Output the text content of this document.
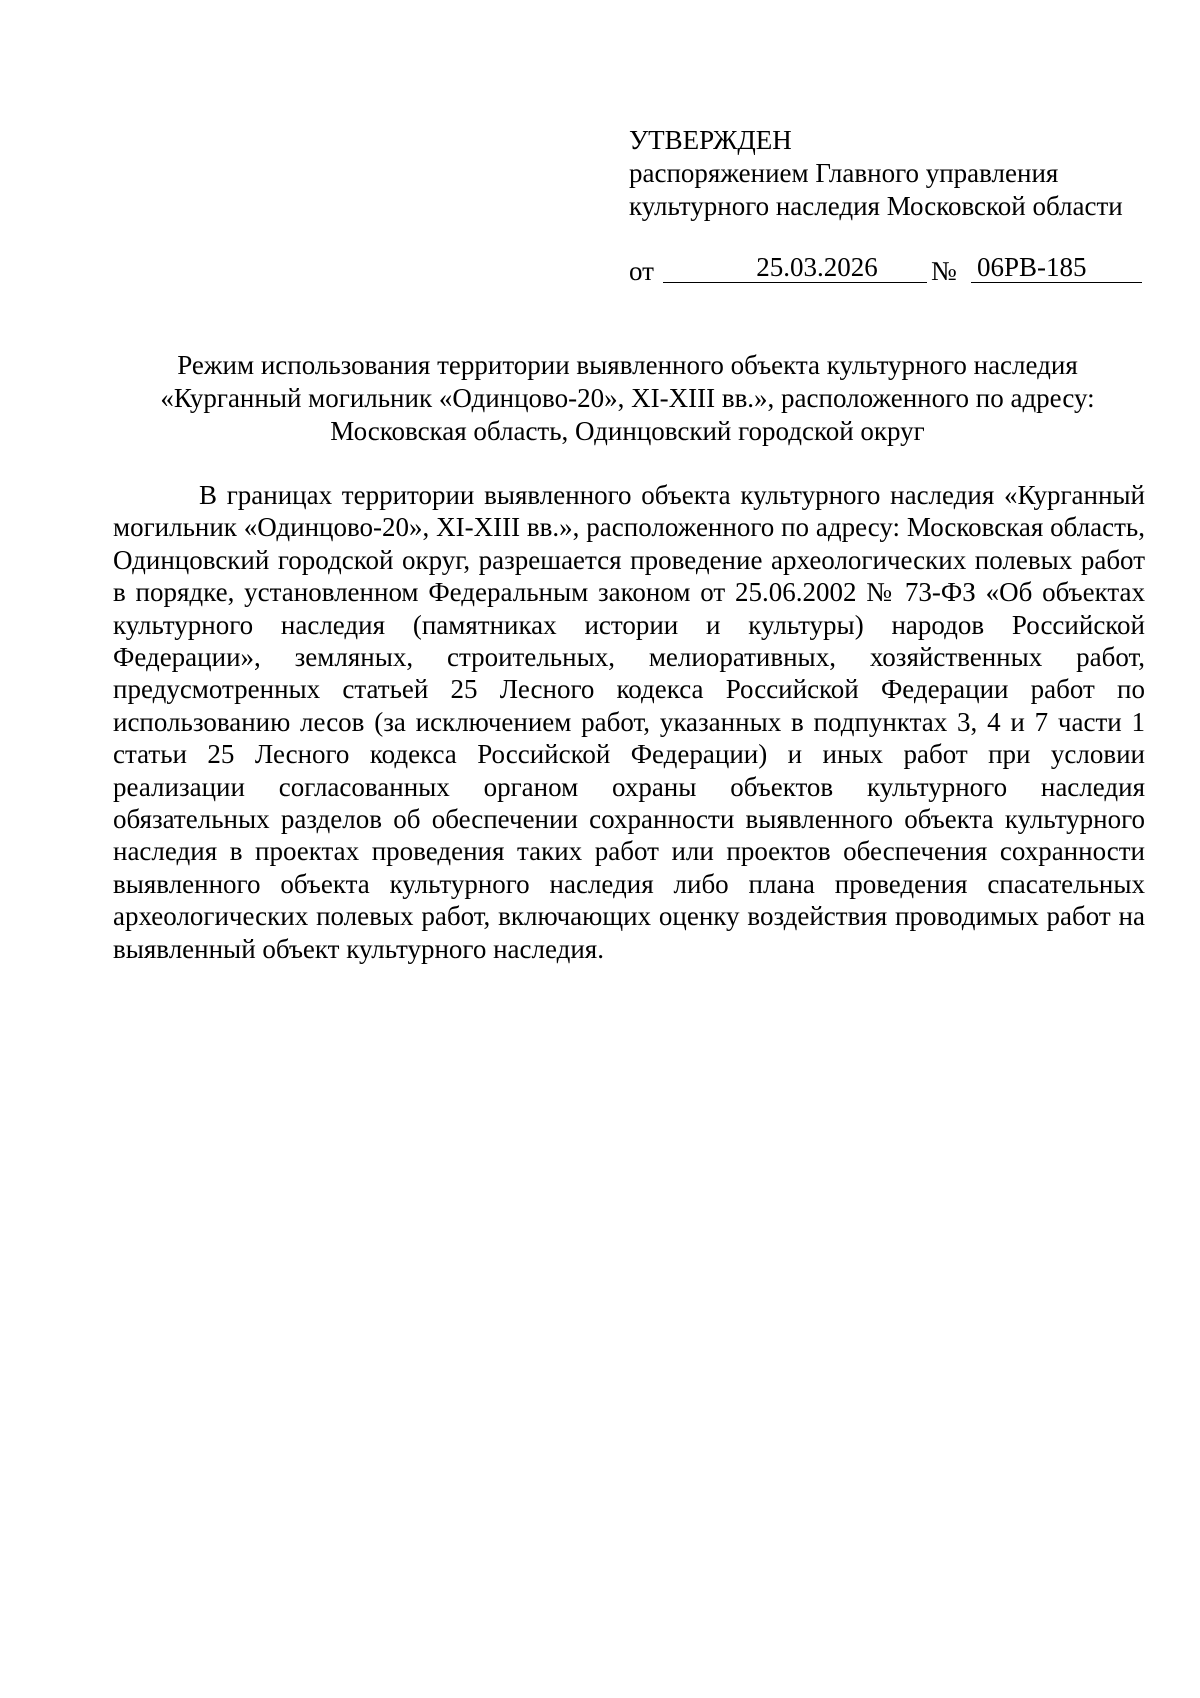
УТВЕРЖДЕН
распоряжением Главного управления
культурного наследия Московской области
от	25.03.2026	№ 06РВ-185
Режим использования территории выявленного объекта культурного наследия
«Курганный могильник «Одинцово-20», XI-XIII вв.», расположенного по адресу:
Московская область, Одинцовский городской округ

В границах территории выявленного объекта культурного наследия «Курганный могильник «Одинцово-20», XI-XIII вв.», расположенного по адресу: Московская область, Одинцовский городской округ, разрешается проведение археологических полевых работ в порядке, установленном Федеральным законом от 25.06.2002 № 73-ФЗ «Об объектах культурного наследия (памятниках истории и культуры) народов Российской Федерации», земляных, строительных, мелиоративных, хозяйственных работ, предусмотренных статьей 25 Лесного кодекса Российской Федерации работ по использованию лесов (за исключением работ, указанных в подпунктах 3, 4 и 7 части 1 статьи 25 Лесного кодекса Российской Федерации) и иных работ при условии реализации согласованных органом охраны объектов культурного наследия обязательных разделов об обеспечении сохранности выявленного объекта культурного наследия в проектах проведения таких работ или проектов обеспечения сохранности выявленного объекта культурного наследия либо плана проведения спасательных археологических полевых работ, включающих оценку воздействия проводимых работ на выявленный объект культурного наследия.
